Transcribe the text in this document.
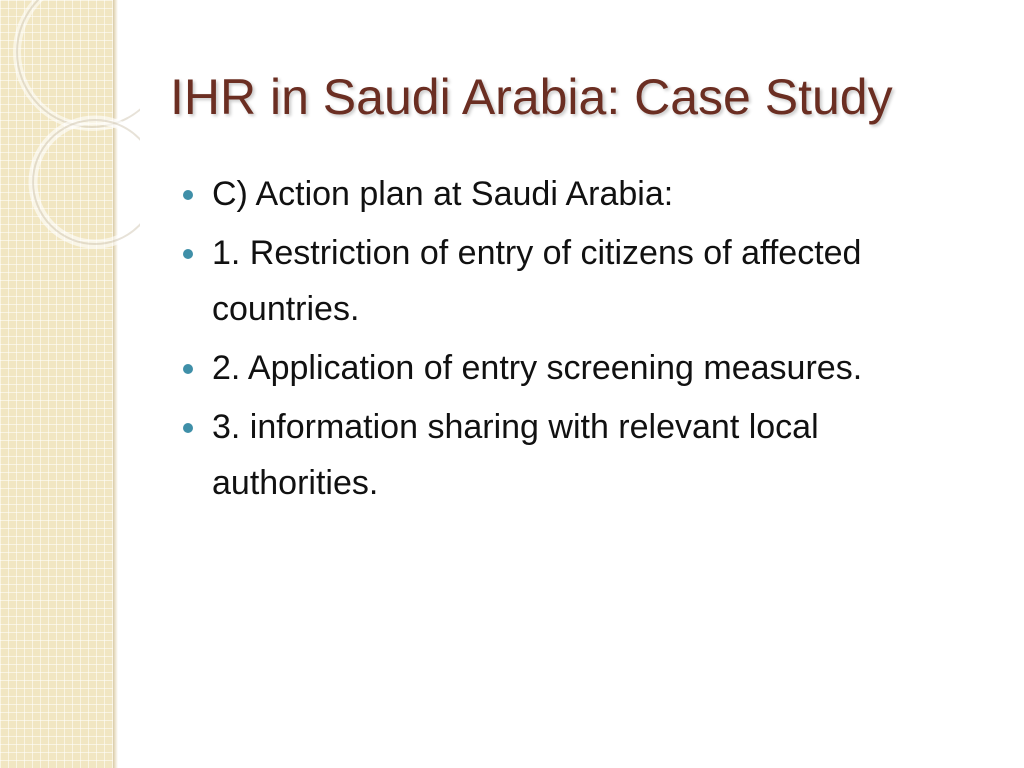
IHR in Saudi Arabia: Case Study
C) Action plan at Saudi Arabia:
1. Restriction of entry of citizens of affected countries.
2. Application of entry screening measures.
3. information sharing with relevant local authorities.
